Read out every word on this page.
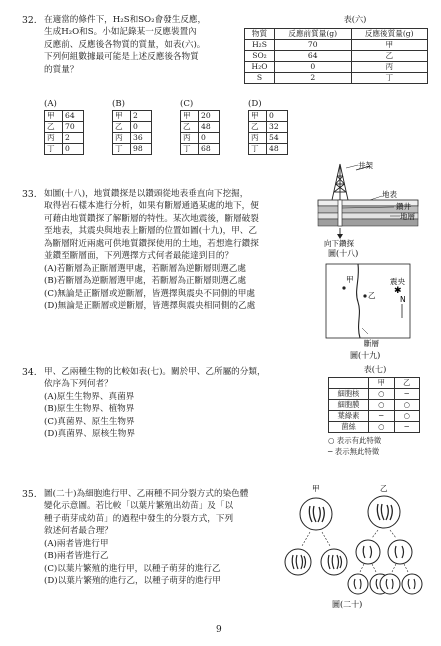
32. 在適當的條件下，H₂S和SO₂會發生反應，
生成H₂O和S。小如記錄某一反應裝置內
反應前、反應後各物質的質量，如表(六)。
下列何組數據最可能是上述反應後各物質
的質量？
表(六)
物質	反應前質量(g)	反應後質量(g)
H₂S	70	甲
SO₂	64	乙
H₂O	0	丙
S	2	丁
(A)
甲	64
乙	70
丙	2
丁	0
(B)
甲	2
乙	0
丙	36
丁	98
(C)
甲	20
乙	48
丙	0
丁	68
(D)
甲	0
乙	32
丙	54
丁	48
33. 如圖(十八)，地質鑽探是以鑽頭從地表垂直向下挖掘，
取得岩石樣本進行分析，如果有斷層通過某處的地下，便
可藉由地質鑽探了解斷層的特性。某次地震後，斷層破裂
至地表，其震央與地表上斷層的位置如圖(十九)，甲、乙
為斷層附近兩處可供地質鑽探使用的土地，若想進行鑽探
並鑽至斷層面，下列選擇方式何者最能達到目的？
(A)若斷層為正斷層選甲處，若斷層為逆斷層則選乙處
(B)若斷層為逆斷層選甲處，若斷層為正斷層則選乙處
(C)無論是正斷層或逆斷層，皆選擇與震央不同側的甲處
(D)無論是正斷層或逆斷層，皆選擇與震央相同側的乙處
井架
地表
鑽井
地層
向下鑽探
圖(十八)
甲
乙
震央
✱
N
斷層
圖(十九)
34. 甲、乙兩種生物的比較如表(七)。關於甲、乙所屬的分類，
依序為下列何者？
(A)原生生物界、真菌界
(B)原生生物界、植物界
(C)真菌界、原生生物界
(D)真菌界、原核生物界
表(七)
	甲	乙
細胞核	○	─
細胞膜	○	○
葉綠素	─	○
菌絲	○	─
○ 表示有此特徵
─ 表示無此特徵
35. 圖(二十)為細胞進行甲、乙兩種不同分裂方式的染色體
變化示意圖。若比較「以葉片繁殖出幼苗」及「以
種子萌芽成幼苗」的過程中發生的分裂方式，下列
敘述何者最合理？
(A)兩者皆進行甲
(B)兩者皆進行乙
(C)以葉片繁殖的進行甲，以種子萌芽的進行乙
(D)以葉片繁殖的進行乙，以種子萌芽的進行甲
甲	乙
圖(二十)
9
